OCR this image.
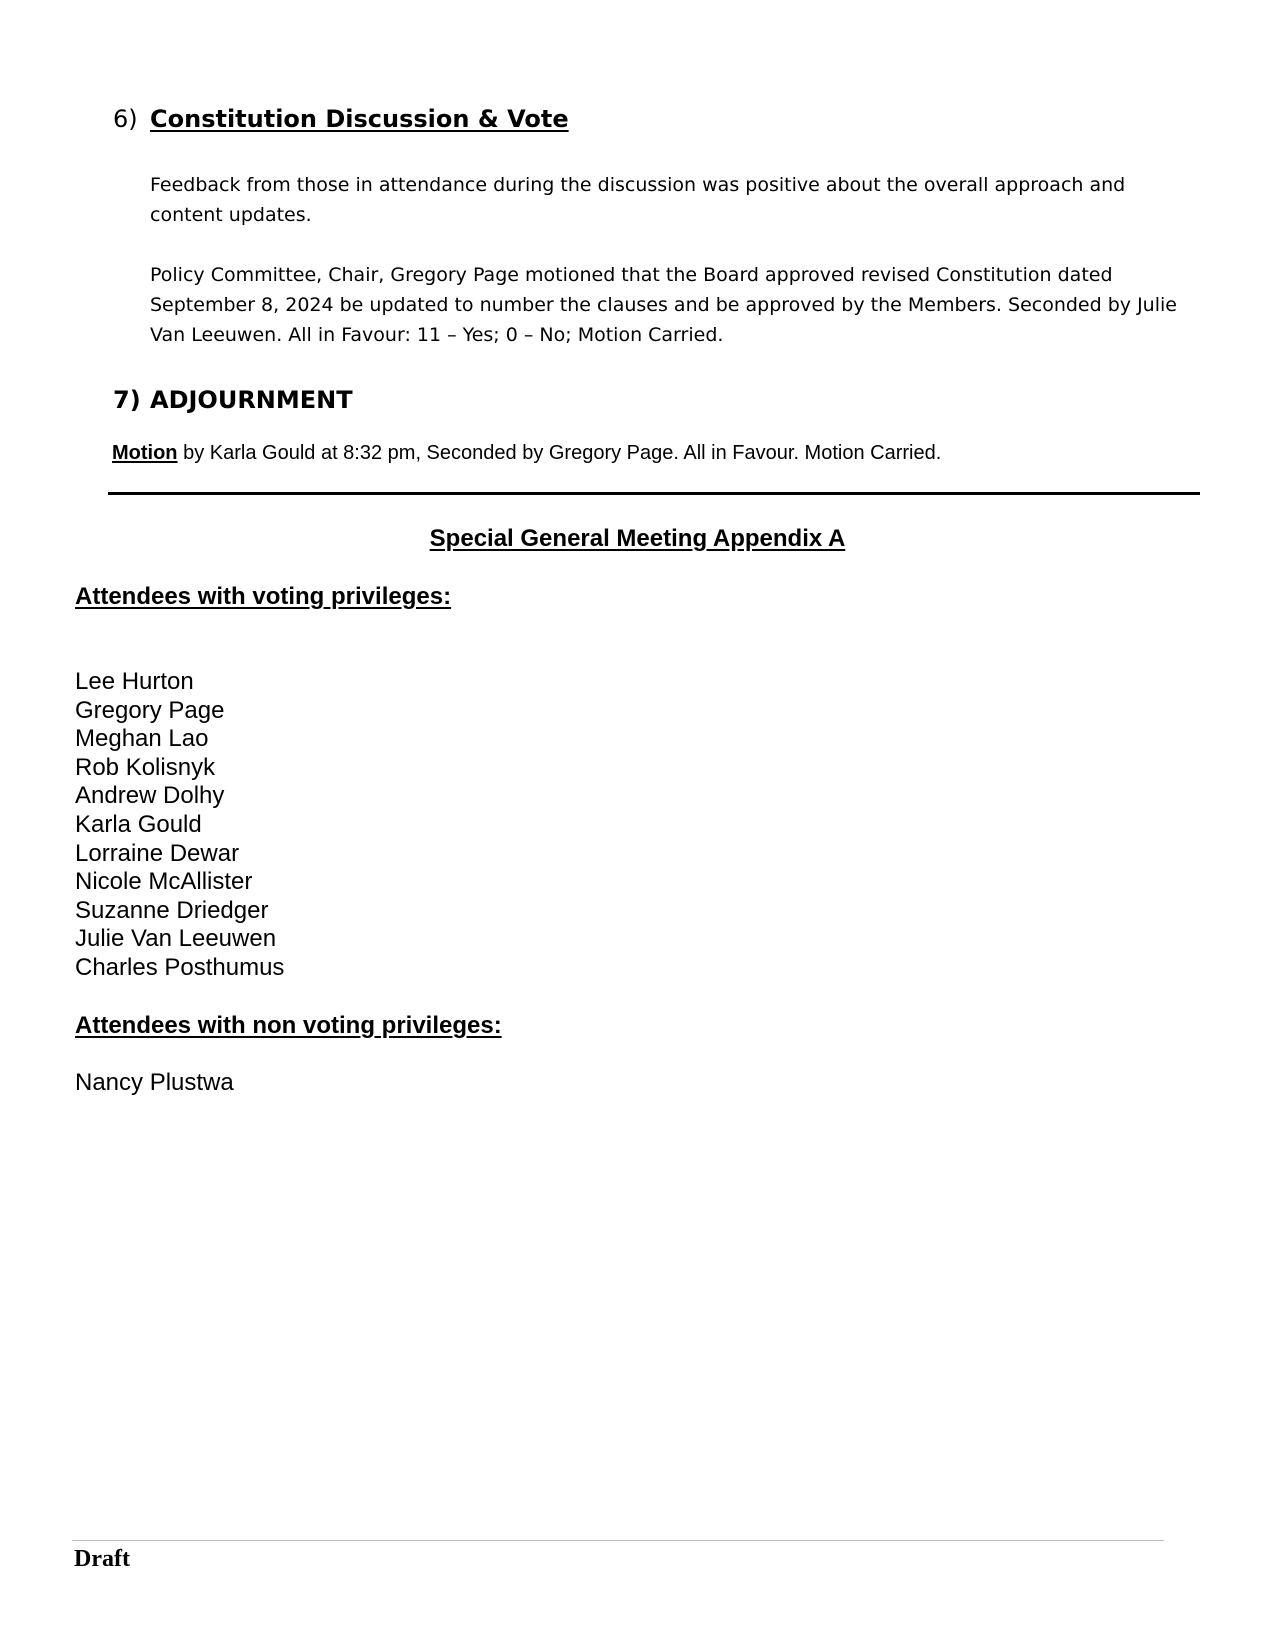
6) Constitution Discussion & Vote
Feedback from those in attendance during the discussion was positive about the overall approach and content updates.
Policy Committee, Chair, Gregory Page motioned that the Board approved revised Constitution dated September 8, 2024 be updated to number the clauses and be approved by the Members. Seconded by Julie Van Leeuwen. All in Favour: 11 – Yes; 0 – No; Motion Carried.
7) ADJOURNMENT
Motion by Karla Gould at 8:32 pm, Seconded by Gregory Page. All in Favour. Motion Carried.
Special General Meeting Appendix A
Attendees with voting privileges:
Lee Hurton
Gregory Page
Meghan Lao
Rob Kolisnyk
Andrew Dolhy
Karla Gould
Lorraine Dewar
Nicole McAllister
Suzanne Driedger
Julie Van Leeuwen
Charles Posthumus
Attendees with non voting privileges:
Nancy Plustwa
Draft
